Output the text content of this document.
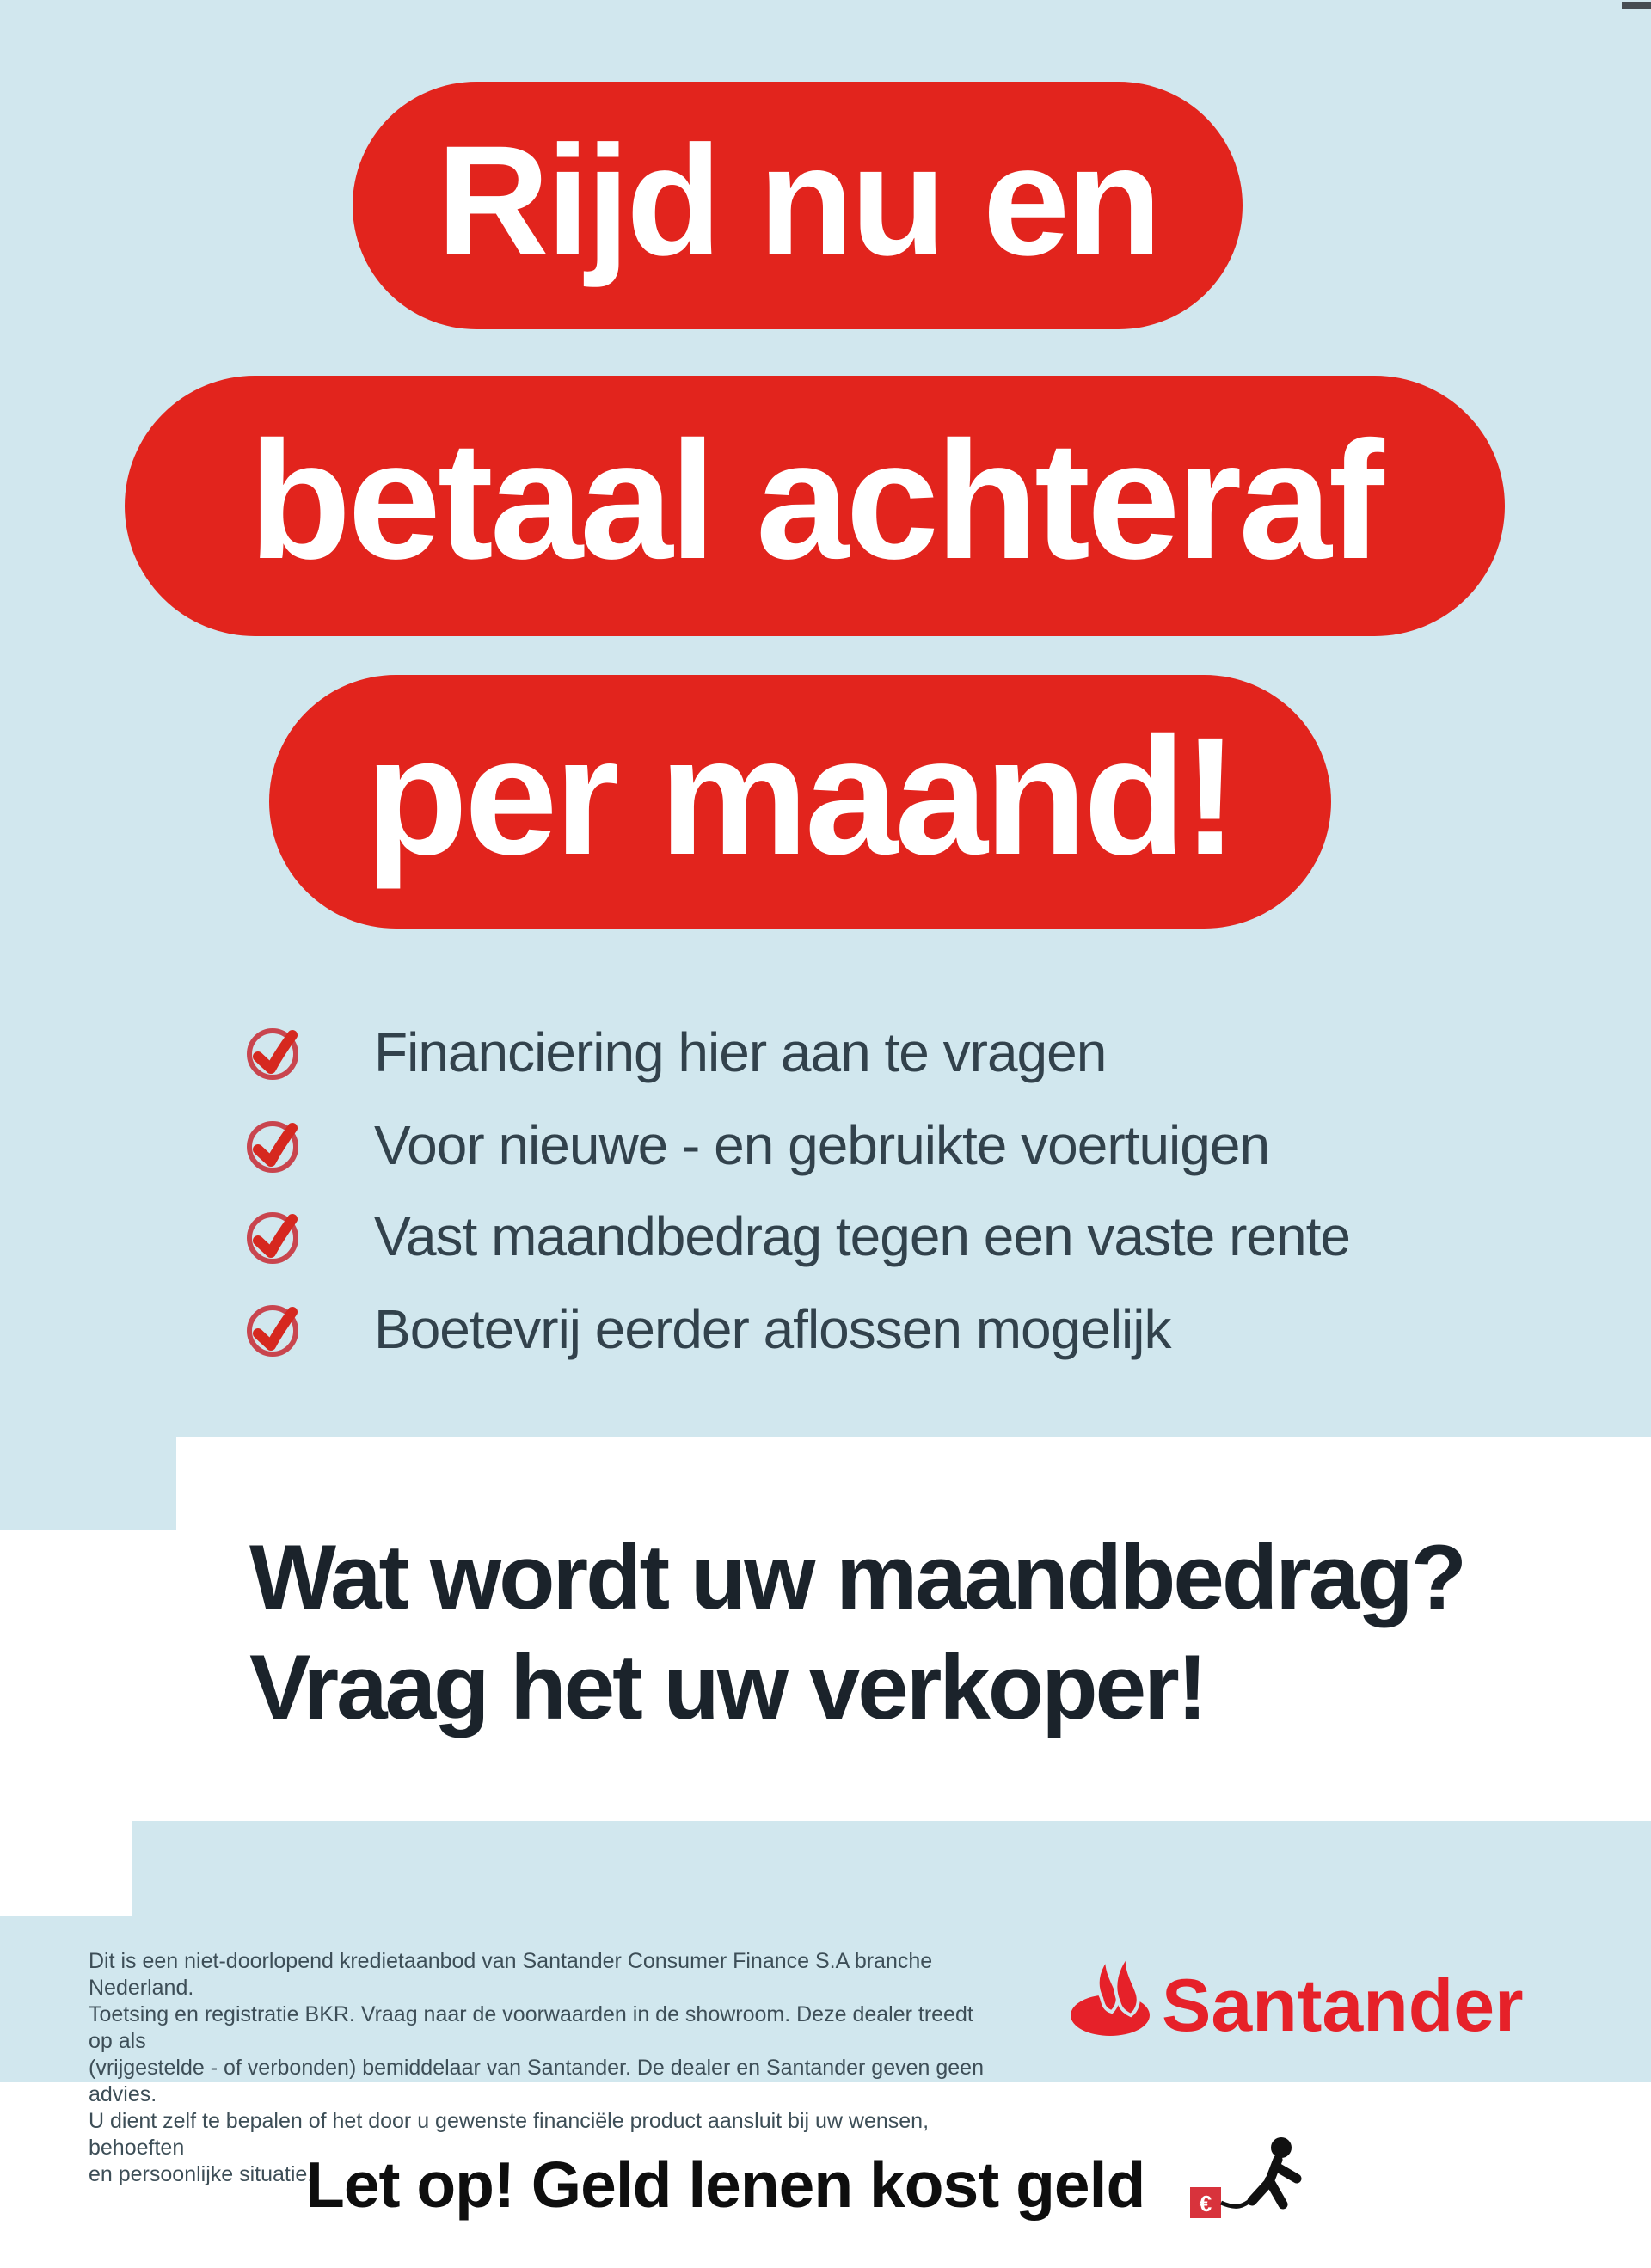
Rijd nu en
betaal achteraf
per maand!
Financiering hier aan te vragen
Voor nieuwe - en gebruikte voertuigen
Vast maandbedrag tegen een vaste rente
Boetevrij eerder aflossen mogelijk
Wat wordt uw maandbedrag?
Vraag het uw verkoper!
Dit is een niet-doorlopend kredietaanbod van Santander Consumer Finance S.A branche Nederland.
Toetsing en registratie BKR. Vraag naar de voorwaarden in de showroom. Deze dealer treedt op als
(vrijgestelde - of verbonden) bemiddelaar van Santander. De dealer en Santander geven geen advies.
U dient zelf te bepalen of het door u gewenste financiële product aansluit bij uw wensen, behoeften
en persoonlijke situatie.
Santander
Let op! Geld lenen kost geld €
